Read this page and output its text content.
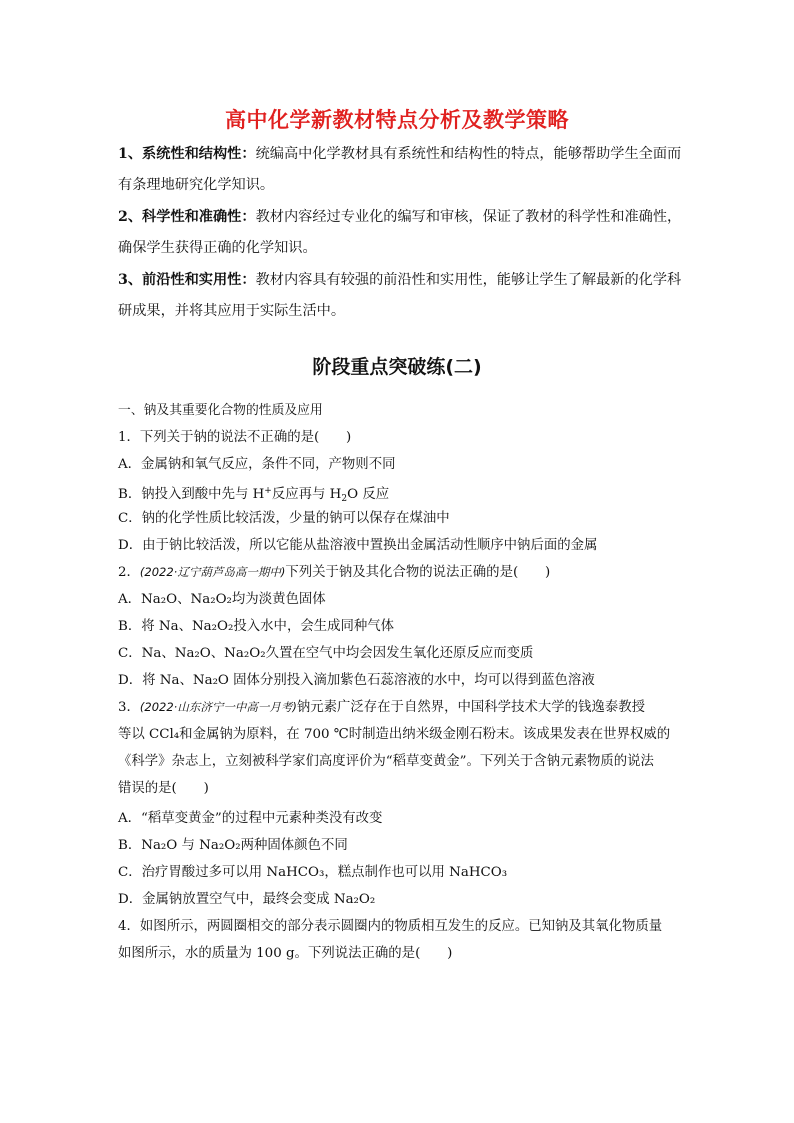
高中化学新教材特点分析及教学策略
1、系统性和结构性：统编高中化学教材具有系统性和结构性的特点，能够帮助学生全面而
有条理地研究化学知识。
2、科学性和准确性：教材内容经过专业化的编写和审核，保证了教材的科学性和准确性，
确保学生获得正确的化学知识。
3、前沿性和实用性：教材内容具有较强的前沿性和实用性，能够让学生了解最新的化学科
研成果，并将其应用于实际生活中。
阶段重点突破练(二)
一、钠及其重要化合物的性质及应用
1．下列关于钠的说法不正确的是(　　)
A．金属钠和氧气反应，条件不同，产物则不同
B．钠投入到酸中先与 H+反应再与 $H_2O$ 反应
C．钠的化学性质比较活泼，少量的钠可以保存在煤油中
D．由于钠比较活泼，所以它能从盐溶液中置换出金属活动性顺序中钠后面的金属
2．(2022·辽宁葫芦岛高一期中)下列关于钠及其化合物的说法正确的是(　　)
A．Na₂O、Na₂O₂均为淡黄色固体
B．将 Na、Na₂O₂投入水中，会生成同种气体
C．Na、Na₂O、Na₂O₂久置在空气中均会因发生氧化还原反应而变质
D．将 Na、Na₂O 固体分别投入滴加紫色石蕊溶液的水中，均可以得到蓝色溶液
3．(2022·山东济宁一中高一月考)钠元素广泛存在于自然界，中国科学技术大学的钱逸泰教授
等以 CCl₄和金属钠为原料，在 700 ℃时制造出纳米级金刚石粉末。该成果发表在世界权威的
《科学》杂志上，立刻被科学家们高度评价为“稻草变黄金”。下列关于含钠元素物质的说法
错误的是(　　)
A．“稻草变黄金”的过程中元素种类没有改变
B．Na₂O 与 Na₂O₂两种固体颜色不同
C．治疗胃酸过多可以用 NaHCO₃，糕点制作也可以用 NaHCO₃
D．金属钠放置空气中，最终会变成 Na₂O₂
4．如图所示，两圆圈相交的部分表示圆圈内的物质相互发生的反应。已知钠及其氧化物质量
如图所示，水的质量为 100 g。下列说法正确的是(　　)
